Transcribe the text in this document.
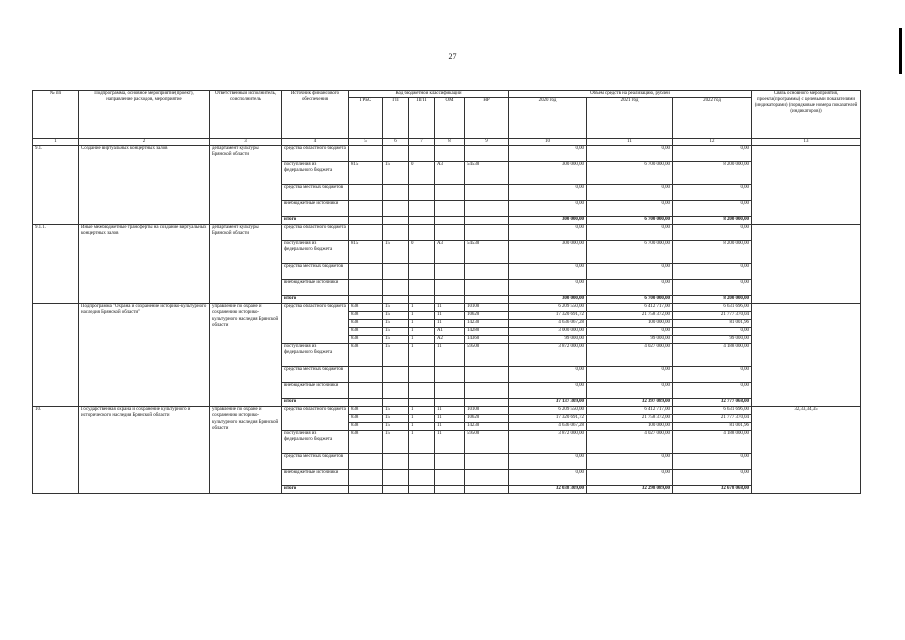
27
№ пп	Подпрограмма, основное мероприятие(проект), направление расходов, мероприятие	Ответственный исполнитель, соисполнитель	Источник финансового обеспечения	Код бюджетной классификации					Объем средств на реализацию, рублей			Связь основного мероприятия, проекта(программы) с целевыми показателями (индикаторами) (порядковые номера показателей (индикаторов))
				ГРБС	ГП	ПГП	ОМ	НР	2020 год	2021 год	2022 год	
1	2	3	4	5	6	7	8	9	10	11	12	13
9.1.	Создание виртуальных концертных залов	департамент культуры Брянской области	средства областного бюджета						0,00	0,00	0,00	
			поступления из федерального бюджета	815	15	0	А3	54530	300 000,00	6 700 000,00	8 200 000,00	
			средства местных бюджетов						0,00	0,00	0,00	
			внебюджетные источники						0,00	0,00	0,00	
			итого						300 000,00	6 700 000,00	8 200 000,00	
9.1.1.	Иные межбюджетные трансферты на создание виртуальных концертных залов	департамент культуры Брянской области	средства областного бюджета						0,00	0,00	0,00	
			поступления из федерального бюджета	815	15	0	А3	54530	300 000,00	6 700 000,00	8 200 000,00	
			средства местных бюджетов						0,00	0,00	0,00	
			внебюджетные источники						0,00	0,00	0,00	
			итого						300 000,00	6 700 000,00	8 200 000,00	
	Подпрограмма "Охрана и сохранение историко-культурного наследия Брянской области"	управление по охране и сохранению историко-культурного наследия Брянской области	средства областного бюджета	838	15	1	11	10100	6 209 550,00	6 412 717,00	6 631 696,00	
				838	15	1	11	10620	17 320 691,72	21 758 372,00	21 777 370,04	
				838	15	1	11	14230	4 636 067,28	100 000,00	81 001,96	
				838	15	1	А1	14280	3 000 000,00	0,00	0,00	
				838	15	1	А2	14360	99 000,00	99 000,00	99 000,00	
			поступления из федерального бюджета	838	15	1	11	59500	3 872 000,00	4 027 000,00	4 188 000,00	
			средства местных бюджетов						0,00	0,00	0,00	
			внебюджетные источники						0,00	0,00	0,00	
			итого						37 137 309,00	32 397 089,00	32 777 068,00	
10.	Государственная охрана и сохранение культурного и исторического наследия Брянской области	управление по охране и сохранению историко-культурного наследия Брянской области	средства областного бюджета	838	15	1	11	10100	6 209 550,00	6 412 717,00	6 631 696,00	32,33,34,35
				838	15	1	11	10620	17 320 691,72	21 758 372,00	21 777 370,04	
				838	15	1	11	14230	4 636 067,28	100 000,00	81 001,96	
			поступления из федерального бюджета	838	15	1	11	59500	3 872 000,00	4 027 000,00	4 188 000,00	
			средства местных бюджетов						0,00	0,00	0,00	
			внебюджетные источники						0,00	0,00	0,00	
			итого						32 038 309,00	32 298 089,00	32 678 068,00	
